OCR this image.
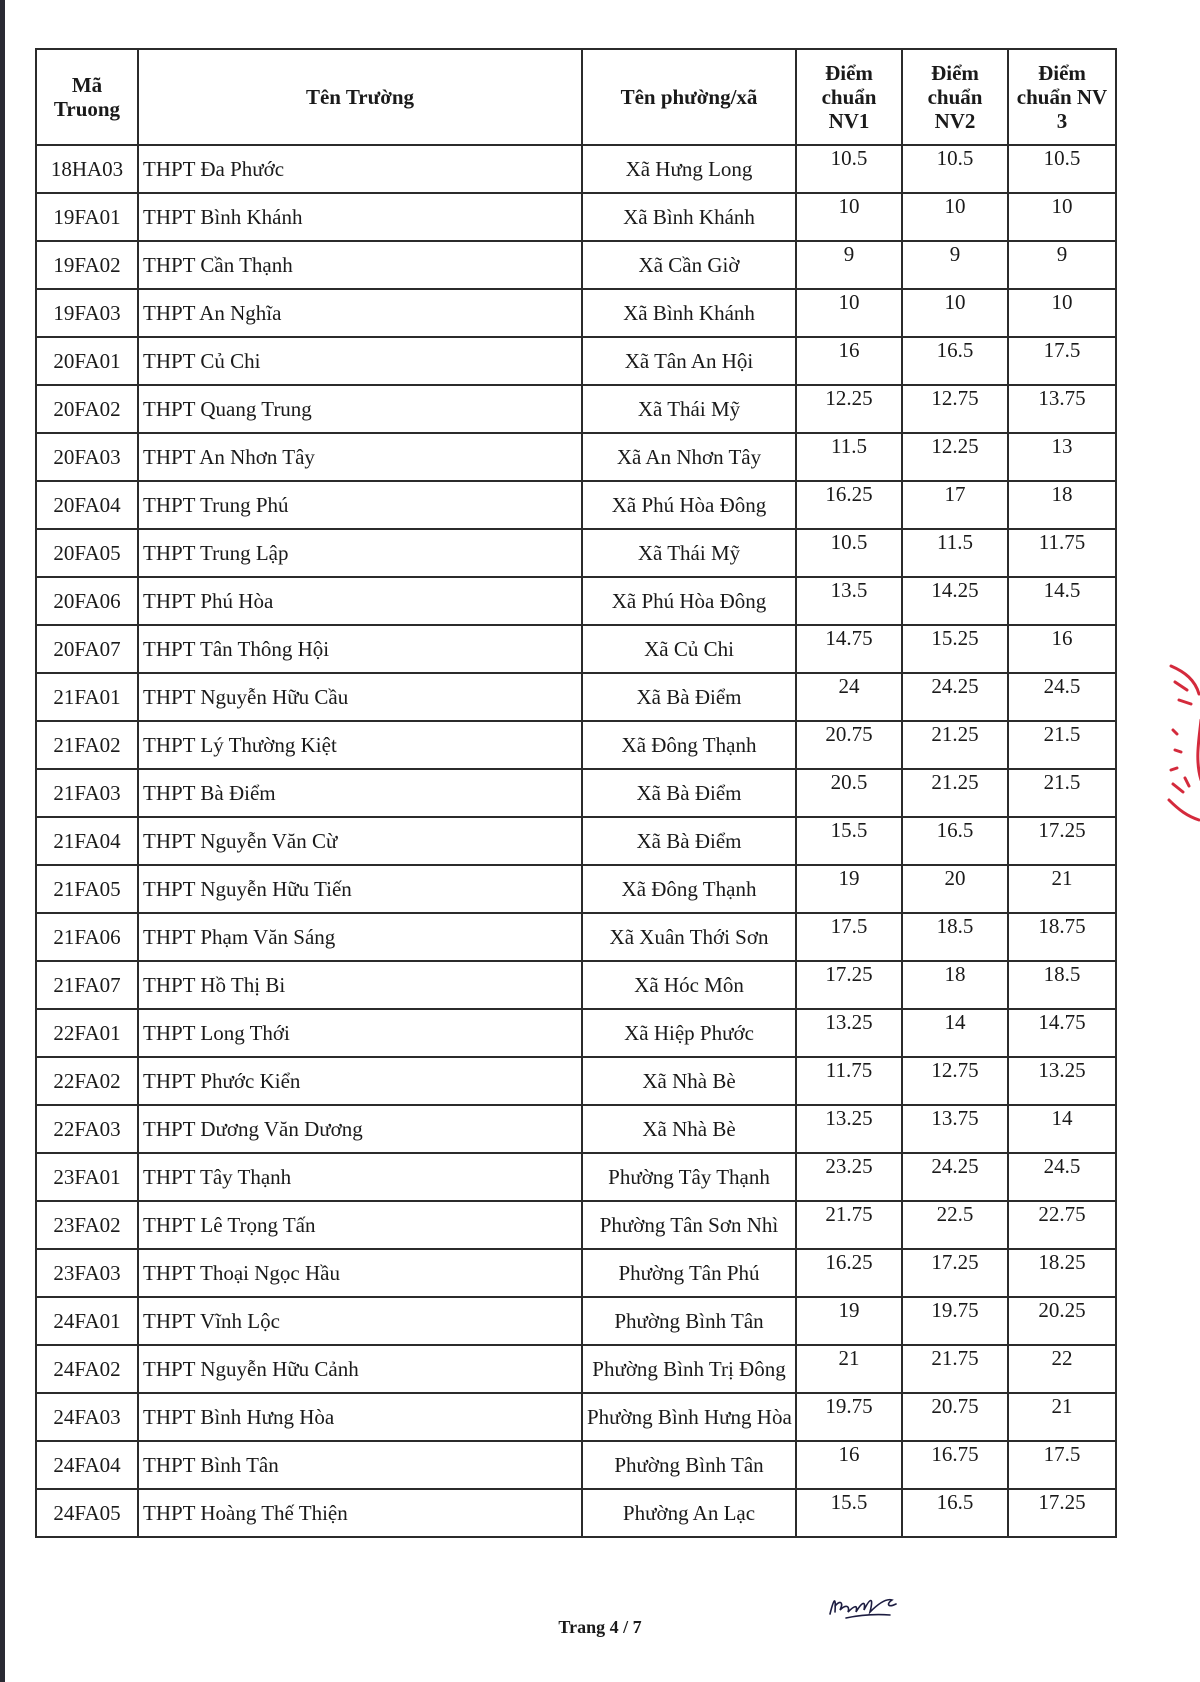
Mã Truong	Tên Trường	Tên phường/xã	Điểm chuẩn NV1	Điểm chuẩn NV2	Điểm chuẩn NV 3
18HA03	THPT Đa Phước	Xã Hưng Long	10.5	10.5	10.5
19FA01	THPT Bình Khánh	Xã Bình Khánh	10	10	10
19FA02	THPT Cần Thạnh	Xã Cần Giờ	9	9	9
19FA03	THPT An Nghĩa	Xã Bình Khánh	10	10	10
20FA01	THPT Củ Chi	Xã Tân An Hội	16	16.5	17.5
20FA02	THPT Quang Trung	Xã Thái Mỹ	12.25	12.75	13.75
20FA03	THPT An Nhơn Tây	Xã An Nhơn Tây	11.5	12.25	13
20FA04	THPT Trung Phú	Xã Phú Hòa Đông	16.25	17	18
20FA05	THPT Trung Lập	Xã Thái Mỹ	10.5	11.5	11.75
20FA06	THPT Phú Hòa	Xã Phú Hòa Đông	13.5	14.25	14.5
20FA07	THPT Tân Thông Hội	Xã Củ Chi	14.75	15.25	16
21FA01	THPT Nguyễn Hữu Cầu	Xã Bà Điểm	24	24.25	24.5
21FA02	THPT Lý Thường Kiệt	Xã Đông Thạnh	20.75	21.25	21.5
21FA03	THPT Bà Điểm	Xã Bà Điểm	20.5	21.25	21.5
21FA04	THPT Nguyễn Văn Cừ	Xã Bà Điểm	15.5	16.5	17.25
21FA05	THPT Nguyễn Hữu Tiến	Xã Đông Thạnh	19	20	21
21FA06	THPT Phạm Văn Sáng	Xã Xuân Thới Sơn	17.5	18.5	18.75
21FA07	THPT Hồ Thị Bi	Xã Hóc Môn	17.25	18	18.5
22FA01	THPT Long Thới	Xã Hiệp Phước	13.25	14	14.75
22FA02	THPT Phước Kiển	Xã Nhà Bè	11.75	12.75	13.25
22FA03	THPT Dương Văn Dương	Xã Nhà Bè	13.25	13.75	14
23FA01	THPT Tây Thạnh	Phường Tây Thạnh	23.25	24.25	24.5
23FA02	THPT Lê Trọng Tấn	Phường Tân Sơn Nhì	21.75	22.5	22.75
23FA03	THPT Thoại Ngọc Hầu	Phường Tân Phú	16.25	17.25	18.25
24FA01	THPT Vĩnh Lộc	Phường Bình Tân	19	19.75	20.25
24FA02	THPT Nguyễn Hữu Cảnh	Phường Bình Trị Đông	21	21.75	22
24FA03	THPT Bình Hưng Hòa	Phường Bình Hưng Hòa	19.75	20.75	21
24FA04	THPT Bình Tân	Phường Bình Tân	16	16.75	17.5
24FA05	THPT Hoàng Thế Thiện	Phường An Lạc	15.5	16.5	17.25
Trang 4 / 7
